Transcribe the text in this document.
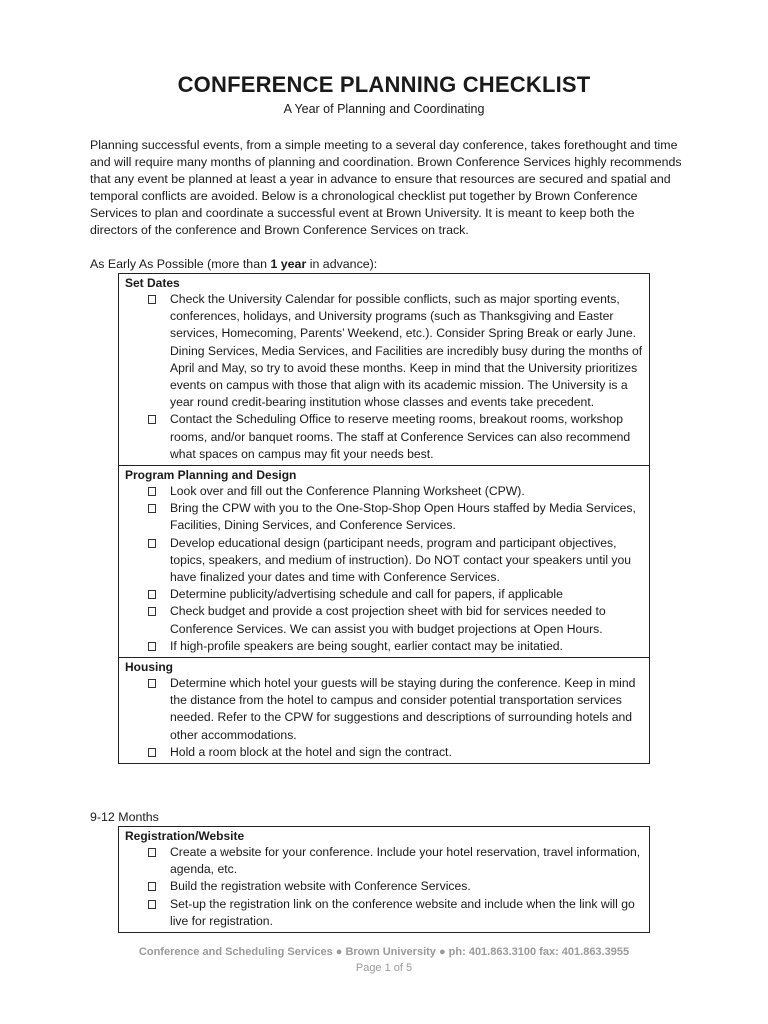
CONFERENCE PLANNING CHECKLIST
A Year of Planning and Coordinating

Planning successful events, from a simple meeting to a several day conference, takes forethought and time and will require many months of planning and coordination. Brown Conference Services highly recommends that any event be planned at least a year in advance to ensure that resources are secured and spatial and temporal conflicts are avoided. Below is a chronological checklist put together by Brown Conference Services to plan and coordinate a successful event at Brown University. It is meant to keep both the directors of the conference and Brown Conference Services on track.

As Early As Possible (more than 1 year in advance):

Set Dates

Check the University Calendar for possible conflicts, such as major sporting events, conferences, holidays, and University programs (such as Thanksgiving and Easter services, Homecoming, Parents’ Weekend, etc.). Consider Spring Break or early June. Dining Services, Media Services, and Facilities are incredibly busy during the months of April and May, so try to avoid these months. Keep in mind that the University prioritizes events on campus with those that align with its academic mission. The University is a year round credit-bearing institution whose classes and events take precedent.
Contact the Scheduling Office to reserve meeting rooms, breakout rooms, workshop rooms, and/or banquet rooms. The staff at Conference Services can also recommend what spaces on campus may fit your needs best.

Program Planning and Design

Look over and fill out the Conference Planning Worksheet (CPW).
Bring the CPW with you to the One-Stop-Shop Open Hours staffed by Media Services, Facilities, Dining Services, and Conference Services.
Develop educational design (participant needs, program and participant objectives, topics, speakers, and medium of instruction). Do NOT contact your speakers until you have finalized your dates and time with Conference Services.
Determine publicity/advertising schedule and call for papers, if applicable
Check budget and provide a cost projection sheet with bid for services needed to Conference Services. We can assist you with budget projections at Open Hours.
If high-profile speakers are being sought, earlier contact may be initatied.

Housing

Determine which hotel your guests will be staying during the conference. Keep in mind the distance from the hotel to campus and consider potential transportation services needed. Refer to the CPW for suggestions and descriptions of surrounding hotels and other accommodations.
Hold a room block at the hotel and sign the contract.

9-12 Months

Registration/Website

Create a website for your conference. Include your hotel reservation, travel information, agenda, etc.
Build the registration website with Conference Services.
Set-up the registration link on the conference website and include when the link will go live for registration.
Conference and Scheduling Services ● Brown University ● ph: 401.863.3100 fax: 401.863.3955
Page 1 of 5
